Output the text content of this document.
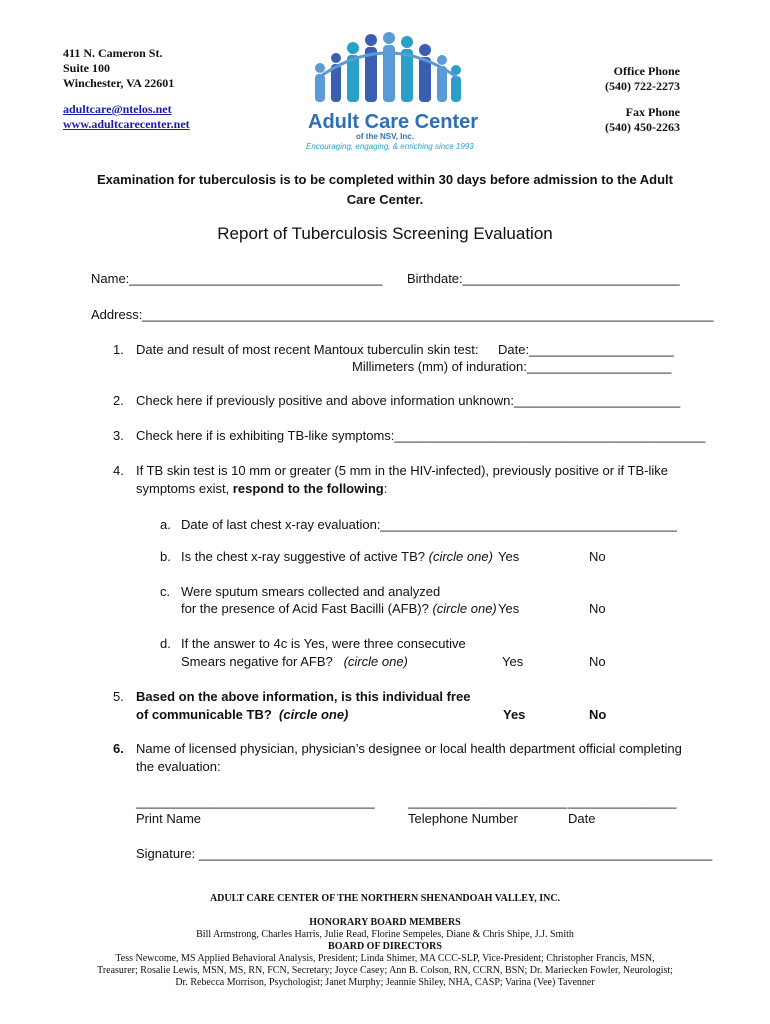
411 N. Cameron St.
Suite 100
Winchester, VA 22601
adultcare@ntelos.net
www.adultcarecenter.net	Adult Care Center
of the NSV, Inc.
Encouraging, engaging, & enriching since 1993
Office Phone
(540) 722-2273
Fax Phone
(540) 450-2263
Examination for tuberculosis is to be completed within 30 days before admission to the Adult Care Center.
Report of Tuberculosis Screening Evaluation
Name:___________________________________ Birthdate:______________________________
Address:_______________________________________________________________________________
1. Date and result of most recent Mantoux tuberculin skin test: Date:____________________
Millimeters (mm) of induration:____________________
2. Check here if previously positive and above information unknown:_______________________
3. Check here if is exhibiting TB-like symptoms:___________________________________________
4. If TB skin test is 10 mm or greater (5 mm in the HIV-infected), previously positive or if TB-like
symptoms exist, respond to the following:
a. Date of last chest x-ray evaluation:_________________________________________
b. Is the chest x-ray suggestive of active TB? (circle one) Yes	No
c. Were sputum smears collected and analyzed
for the presence of Acid Fast Bacilli (AFB)? (circle one) Yes	No
d. If the answer to 4c is Yes, were three consecutive
Smears negative for AFB? (circle one)	Yes	No
5. Based on the above information, is this individual free
of communicable TB? (circle one)	Yes	No
6. Name of licensed physician, physician’s designee or local health department official completing
the evaluation:
_________________________________	______________________ _______________
Print Name	Telephone Number	Date
Signature: _______________________________________________________________________
ADULT CARE CENTER OF THE NORTHERN SHENANDOAH VALLEY, INC.
HONORARY BOARD MEMBERS
Bill Armstrong, Charles Harris, Julie Read, Florine Sempeles, Diane & Chris Shipe, J.J. Smith
BOARD OF DIRECTORS
Tess Newcome, MS Applied Behavioral Analysis, President; Linda Shimer, MA CCC-SLP, Vice-President; Christopher Francis, MSN,
Treasurer; Rosalie Lewis, MSN, MS, RN, FCN, Secretary; Joyce Casey; Ann B. Colson, RN, CCRN, BSN; Dr. Mariecken Fowler, Neurologist;
Dr. Rebecca Morrison, Psychologist; Janet Murphy; Jeannie Shiley, NHA, CASP; Varina (Vee) Tavenner
